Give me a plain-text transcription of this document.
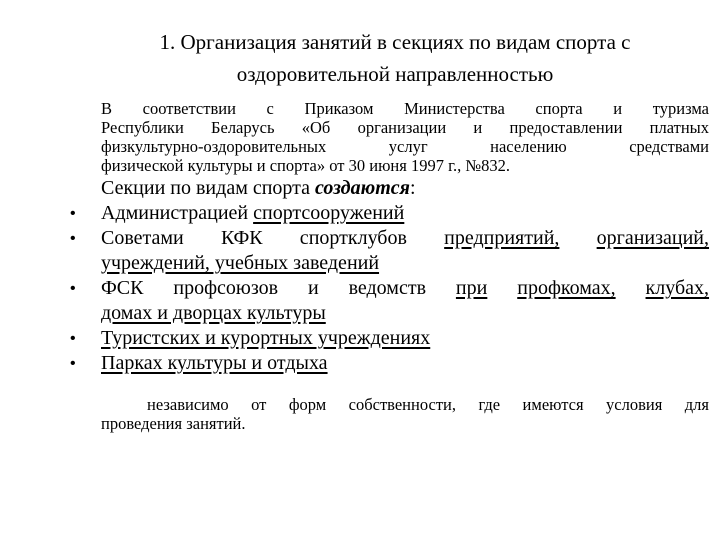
1. Организация занятий в секциях по видам спорта с
оздоровительной направленностью
В соответствии с Приказом Министерства спорта и туризма
Республики Беларусь «Об организации и предоставлении платных
физкультурно-оздоровительных услуг населению средствами
физической культуры и спорта» от 30 июня 1997 г., №832.
Секции по видам спорта создаются:
• Администрацией спортсооружений
• Советами КФК спортклубов предприятий, организаций,
учреждений, учебных заведений
• ФСК профсоюзов и ведомств при профкомах, клубах,
домах и дворцах культуры
• Туристских и курортных учреждениях
• Парках культуры и отдыха
независимо от форм собственности, где имеются условия для
проведения занятий.
